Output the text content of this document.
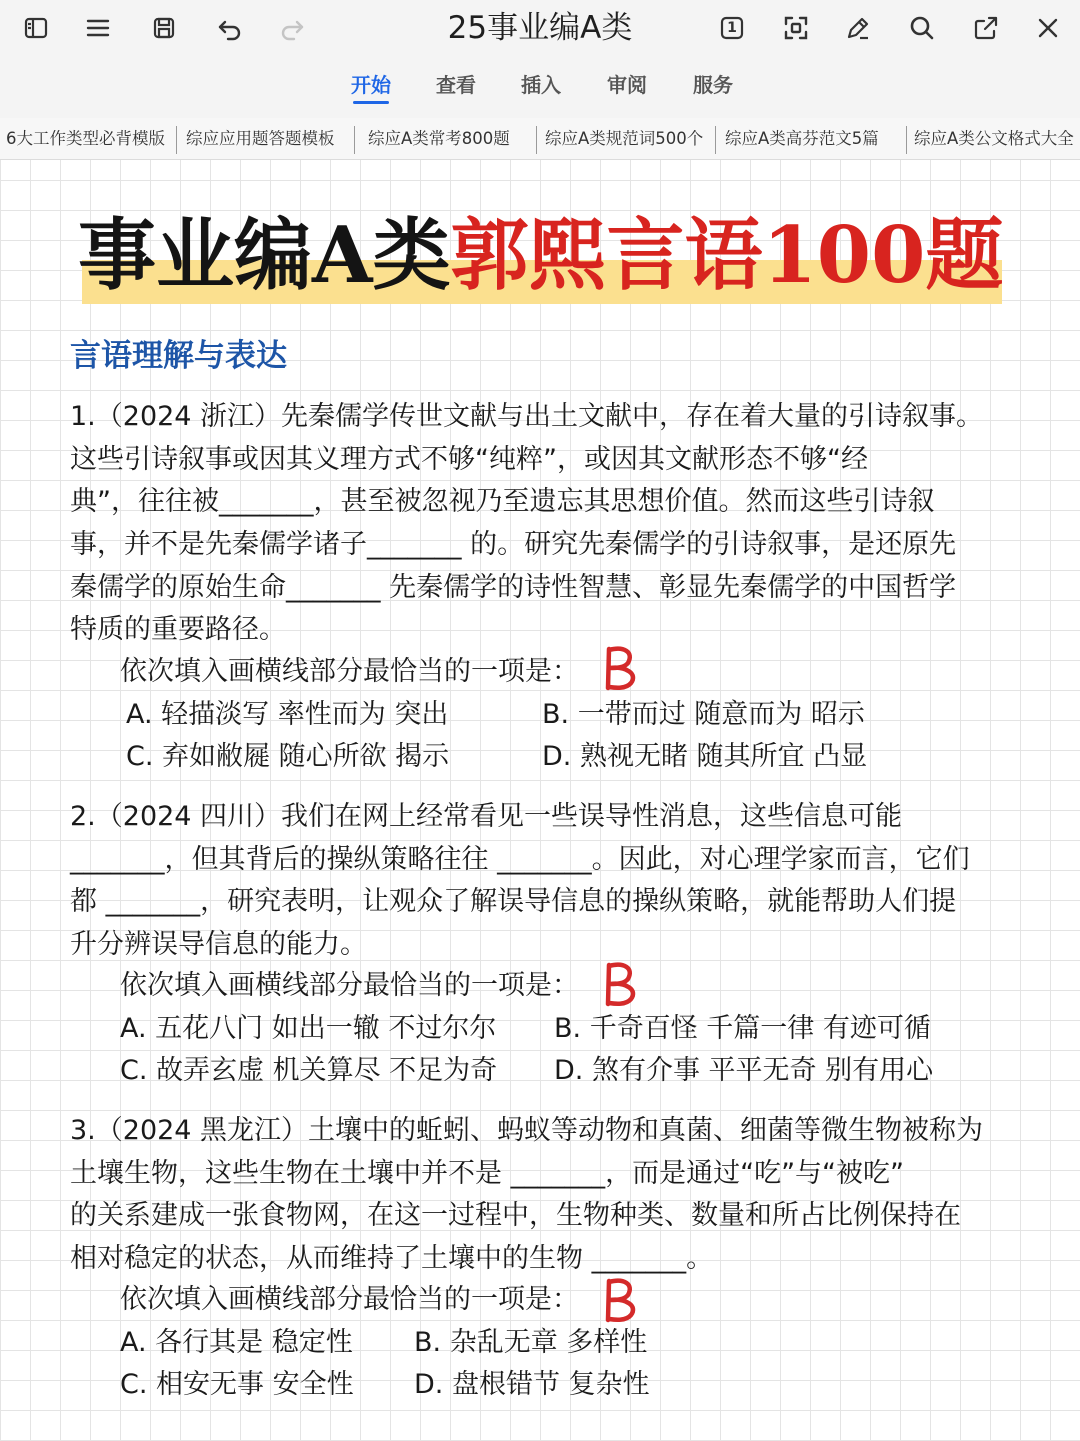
25事业编A类	1
开始	查看	插入	审阅	服务
6大工作类型必背模版 综应应用题答题模板 综应A类常考800题 综应A类规范词500个 综应A类高芬范文5篇 综应A类公文格式大全
事业编A类郭熙言语100题
言语理解与表达

1.（2024 浙江）先秦儒学传世文献与出土文献中，存在着大量的引诗叙事。

这些引诗叙事或因其义理方式不够“纯粹”，或因其文献形态不够“经

典”，往往被_______，甚至被忽视乃至遗忘其思想价值。然而这些引诗叙

事，并不是先秦儒学诸子_______ 的。研究先秦儒学的引诗叙事，是还原先

秦儒学的原始生命_______ 先秦儒学的诗性智慧、彰显先秦儒学的中国哲学

特质的重要路径。

依次填入画横线部分最恰当的一项是：
A. 轻描淡写 率性而为 突出	B. 一带而过 随意而为 昭示
C. 弃如敝屣 随心所欲 揭示	D. 熟视无睹 随其所宜 凸显

2.（2024 四川）我们在网上经常看见一些误导性消息，这些信息可能

_______，但其背后的操纵策略往往 _______。因此，对心理学家而言，它们

都 _______，研究表明，让观众了解误导信息的操纵策略，就能帮助人们提

升分辨误导信息的能力。

依次填入画横线部分最恰当的一项是：
A. 五花八门 如出一辙 不过尔尔 B. 千奇百怪 千篇一律 有迹可循
C. 故弄玄虚 机关算尽 不足为奇 D. 煞有介事 平平无奇 别有用心

3.（2024 黑龙江）土壤中的蚯蚓、蚂蚁等动物和真菌、细菌等微生物被称为

土壤生物，这些生物在土壤中并不是 _______，而是通过“吃”与“被吃”

的关系建成一张食物网，在这一过程中，生物种类、数量和所占比例保持在

相对稳定的状态，从而维持了土壤中的生物 _______。

依次填入画横线部分最恰当的一项是：
A. 各行其是 稳定性 B. 杂乱无章 多样性
C. 相安无事 安全性 D. 盘根错节 复杂性
